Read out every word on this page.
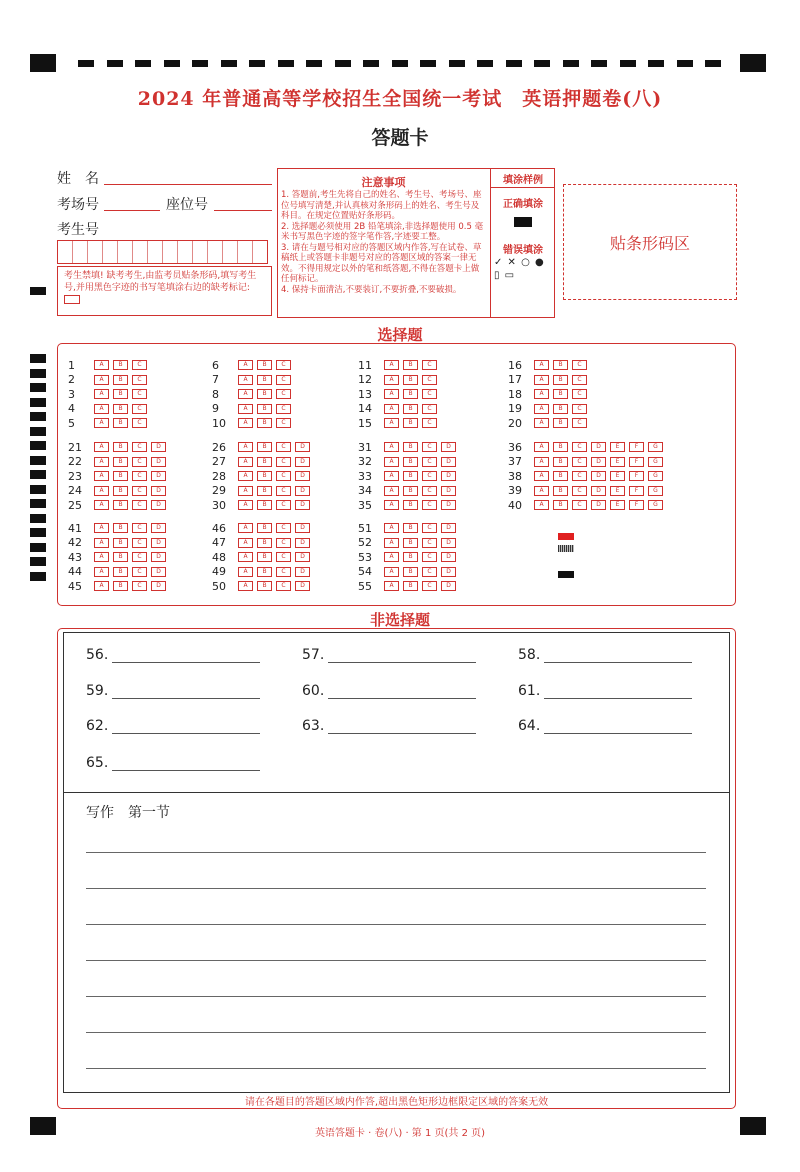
2024 年普通高等学校招生全国统一考试　英语押题卷(八)
答题卡
姓　名
考场号	座位号
考生号
考生禁填! 缺考考生,由监考员贴条形码,填写考生号,并用黑色字迹的书写笔填涂右边的缺考标记:
注意事项
1. 答题前,考生先将自己的姓名、考生号、考场号、座位号填写清楚,并认真核对条形码上的姓名、考生号及科目。在规定位置贴好条形码。
2. 选择题必须使用 2B 铅笔填涂,非选择题使用 0.5 毫米书写黑色字迹的签字笔作答,字迹要工整。
3. 请在与题号相对应的答题区域内作答,写在试卷、草稿纸上或答题卡非题号对应的答题区域的答案一律无效。不得用规定以外的笔和纸答题,不得在答题卡上做任何标记。
4. 保持卡面清洁,不要装订,不要折叠,不要破损。
填涂样例
正确填涂
错误填涂
✓ ✕ ○ ● ▯ ▭
贴条形码区
选择题
1	A	B	C
2	A	B	C
3	A	B	C
4	A	B	C
5	A	B	C
6	A	B	C
7	A	B	C
8	A	B	C
9	A	B	C
10	A	B	C
11	A	B	C
12	A	B	C
13	A	B	C
14	A	B	C
15	A	B	C
16	A	B	C
17	A	B	C
18	A	B	C
19	A	B	C
20	A	B	C
21	A	B	C	D
22	A	B	C	D
23	A	B	C	D
24	A	B	C	D
25	A	B	C	D
26	A	B	C	D
27	A	B	C	D
28	A	B	C	D
29	A	B	C	D
30	A	B	C	D
31	A	B	C	D
32	A	B	C	D
33	A	B	C	D
34	A	B	C	D
35	A	B	C	D
36	A	B	C	D	E	F	G
37	A	B	C	D	E	F	G
38	A	B	C	D	E	F	G
39	A	B	C	D	E	F	G
40	A	B	C	D	E	F	G
41	A	B	C	D
42	A	B	C	D
43	A	B	C	D
44	A	B	C	D
45	A	B	C	D
46	A	B	C	D
47	A	B	C	D
48	A	B	C	D
49	A	B	C	D
50	A	B	C	D
51	A	B	C	D
52	A	B	C	D
53	A	B	C	D
54	A	B	C	D
55	A	B	C	D
非选择题
56.	57.	58.
59.	60.	61.
62.	63.	64.
65.
写作　第一节
请在各题目的答题区域内作答,超出黑色矩形边框限定区域的答案无效
英语答题卡 · 卷(八) · 第 1 页(共 2 页)
